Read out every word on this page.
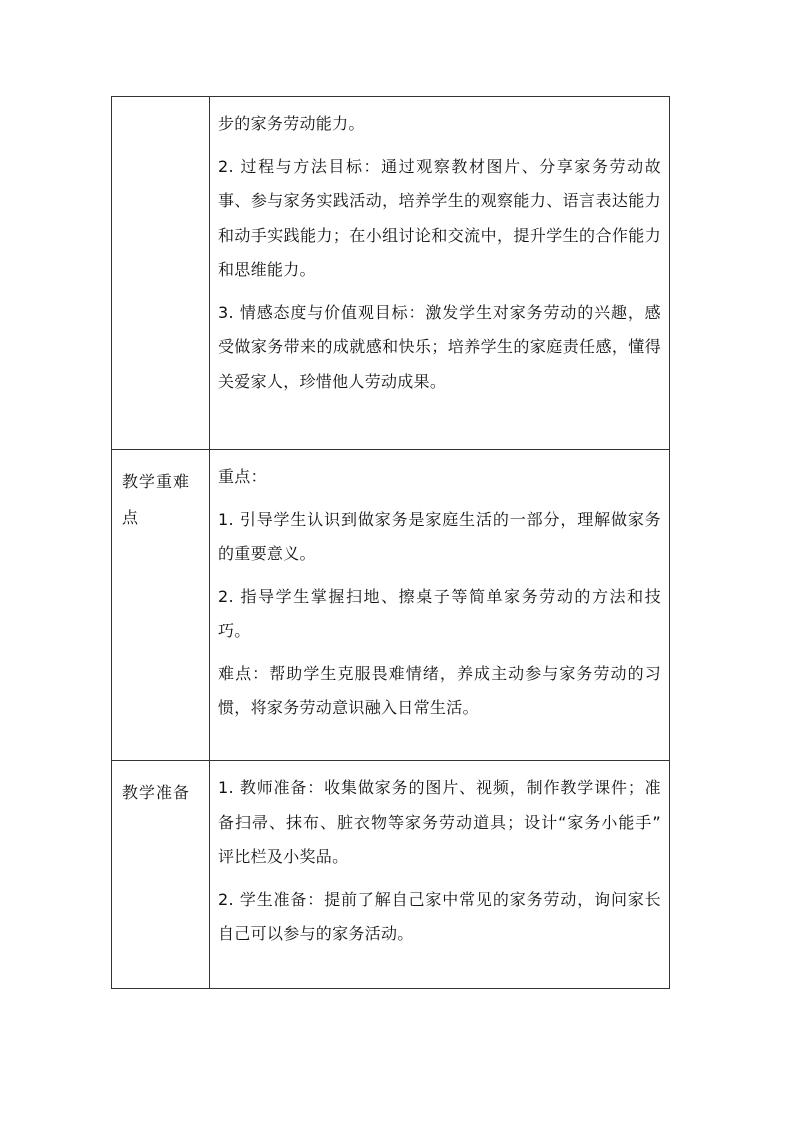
	步的家务劳动能力。

2. 过程与方法目标：通过观察教材图片、分享家务劳动故事、参与家务实践活动，培养学生的观察能力、语言表达能力和动手实践能力；在小组讨论和交流中，提升学生的合作能力和思维能力。

3. 情感态度与价值观目标：激发学生对家务劳动的兴趣，感受做家务带来的成就感和快乐；培养学生的家庭责任感，懂得关爱家人，珍惜他人劳动成果。

教学重难点	重点：

1. 引导学生认识到做家务是家庭生活的一部分，理解做家务的重要意义。

2. 指导学生掌握扫地、擦桌子等简单家务劳动的方法和技巧。

难点：帮助学生克服畏难情绪，养成主动参与家务劳动的习惯，将家务劳动意识融入日常生活。

教学准备	1. 教师准备：收集做家务的图片、视频，制作教学课件；准备扫帚、抹布、脏衣物等家务劳动道具；设计“家务小能手” 评比栏及小奖品。

2. 学生准备：提前了解自己家中常见的家务劳动，询问家长自己可以参与的家务活动。
